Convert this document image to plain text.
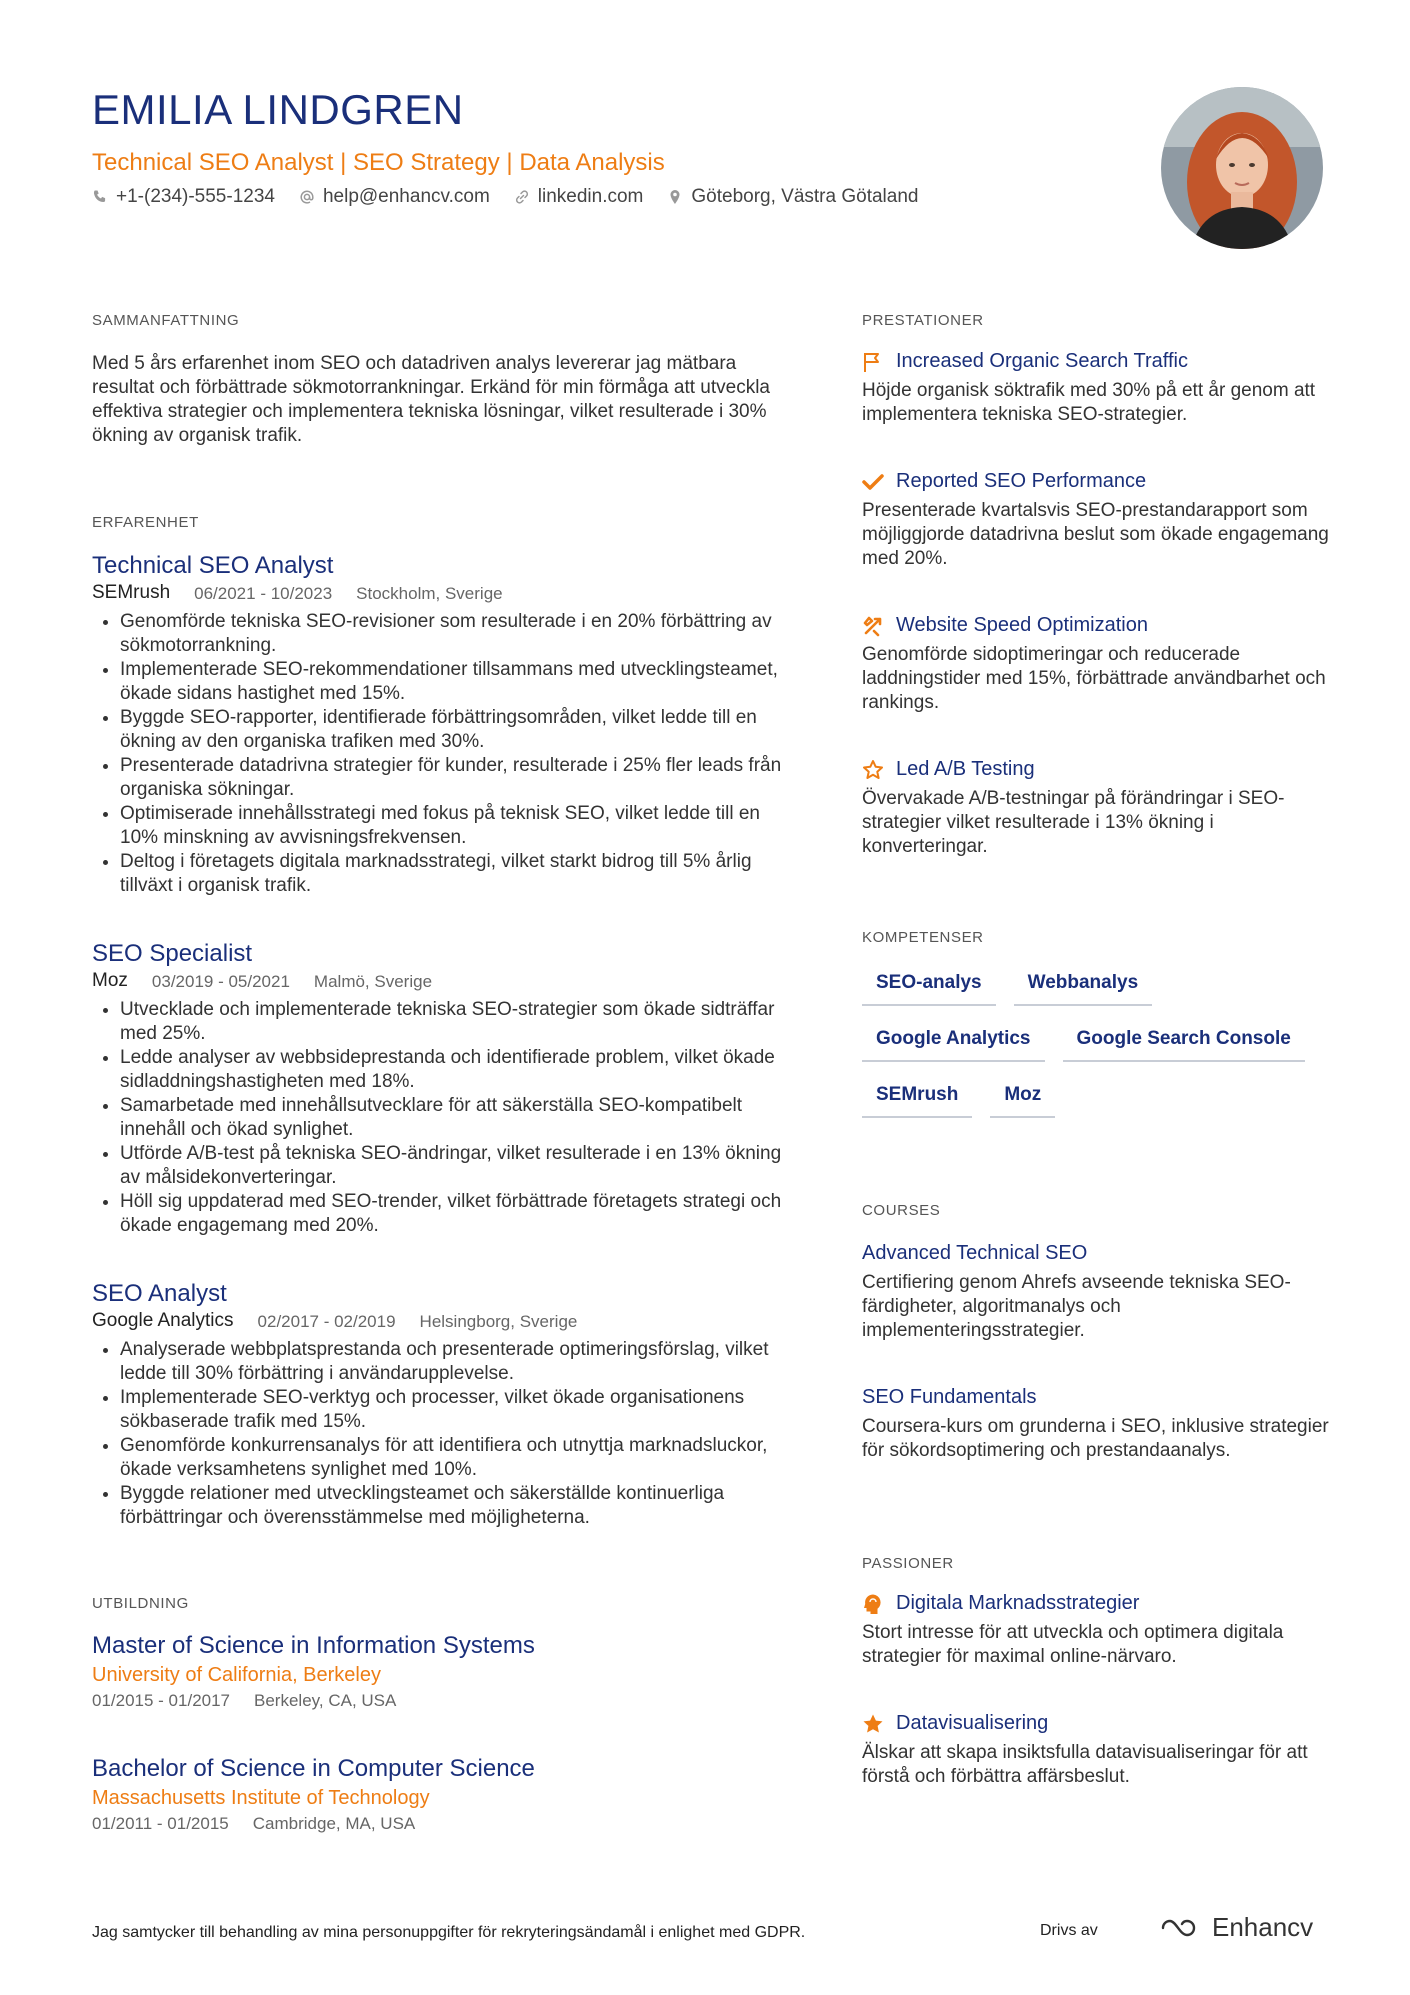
EMILIA LINDGREN
Technical SEO Analyst | SEO Strategy | Data Analysis
+1-(234)-555-1234	help@enhancv.com	linkedin.com	Göteborg, Västra Götaland
SAMMANFATTNING
Med 5 års erfarenhet inom SEO och datadriven analys levererar jag mätbara resultat och förbättrade sökmotorrankningar. Erkänd för min förmåga att utveckla effektiva strategier och implementera tekniska lösningar, vilket resulterade i 30% ökning av organisk trafik.
ERFARENHET
Technical SEO Analyst
SEMrush 06/2021 - 10/2023 Stockholm, Sverige
• Genomförde tekniska SEO-revisioner som resulterade i en 20% förbättring av sökmotorrankning.
• Implementerade SEO-rekommendationer tillsammans med utvecklingsteamet, ökade sidans hastighet med 15%.
• Byggde SEO-rapporter, identifierade förbättringsområden, vilket ledde till en ökning av den organiska trafiken med 30%.
• Presenterade datadrivna strategier för kunder, resulterade i 25% fler leads från organiska sökningar.
• Optimiserade innehållsstrategi med fokus på teknisk SEO, vilket ledde till en 10% minskning av avvisningsfrekvensen.
• Deltog i företagets digitala marknadsstrategi, vilket starkt bidrog till 5% årlig tillväxt i organisk trafik.
SEO Specialist
Moz 03/2019 - 05/2021 Malmö, Sverige
• Utvecklade och implementerade tekniska SEO-strategier som ökade sidträffar med 25%.
• Ledde analyser av webbsideprestanda och identifierade problem, vilket ökade sidladdningshastigheten med 18%.
• Samarbetade med innehållsutvecklare för att säkerställa SEO-kompatibelt innehåll och ökad synlighet.
• Utförde A/B-test på tekniska SEO-ändringar, vilket resulterade i en 13% ökning av målsidekonverteringar.
• Höll sig uppdaterad med SEO-trender, vilket förbättrade företagets strategi och ökade engagemang med 20%.
SEO Analyst
Google Analytics 02/2017 - 02/2019 Helsingborg, Sverige
• Analyserade webbplatsprestanda och presenterade optimeringsförslag, vilket ledde till 30% förbättring i användarupplevelse.
• Implementerade SEO-verktyg och processer, vilket ökade organisationens sökbaserade trafik med 15%.
• Genomförde konkurrensanalys för att identifiera och utnyttja marknadsluckor, ökade verksamhetens synlighet med 10%.
• Byggde relationer med utvecklingsteamet och säkerställde kontinuerliga förbättringar och överensstämmelse med möjligheterna.
UTBILDNING
Master of Science in Information Systems
University of California, Berkeley
01/2015 - 01/2017 Berkeley, CA, USA
Bachelor of Science in Computer Science
Massachusetts Institute of Technology
01/2011 - 01/2015 Cambridge, MA, USA
PRESTATIONER
Increased Organic Search Traffic
Höjde organisk söktrafik med 30% på ett år genom att implementera tekniska SEO-strategier.
Reported SEO Performance
Presenterade kvartalsvis SEO-prestandarapport som möjliggjorde datadrivna beslut som ökade engagemang med 20%.
Website Speed Optimization
Genomförde sidoptimeringar och reducerade laddningstider med 15%, förbättrade användbarhet och rankings.
Led A/B Testing
Övervakade A/B-testningar på förändringar i SEO-strategier vilket resulterade i 13% ökning i konverteringar.
KOMPETENSER
SEO-analys	Webbanalys
Google Analytics	Google Search Console
SEMrush	Moz
COURSES
Advanced Technical SEO
Certifiering genom Ahrefs avseende tekniska SEO-färdigheter, algoritmanalys och implementeringsstrategier.
SEO Fundamentals
Coursera-kurs om grunderna i SEO, inklusive strategier för sökordsoptimering och prestandaanalys.
PASSIONER
Digitala Marknadsstrategier
Stort intresse för att utveckla och optimera digitala strategier för maximal online-närvaro.
Datavisualisering
Älskar att skapa insiktsfulla datavisualiseringar för att förstå och förbättra affärsbeslut.
Jag samtycker till behandling av mina personuppgifter för rekryteringsändamål i enlighet med GDPR.	Drivs av	Enhancv
